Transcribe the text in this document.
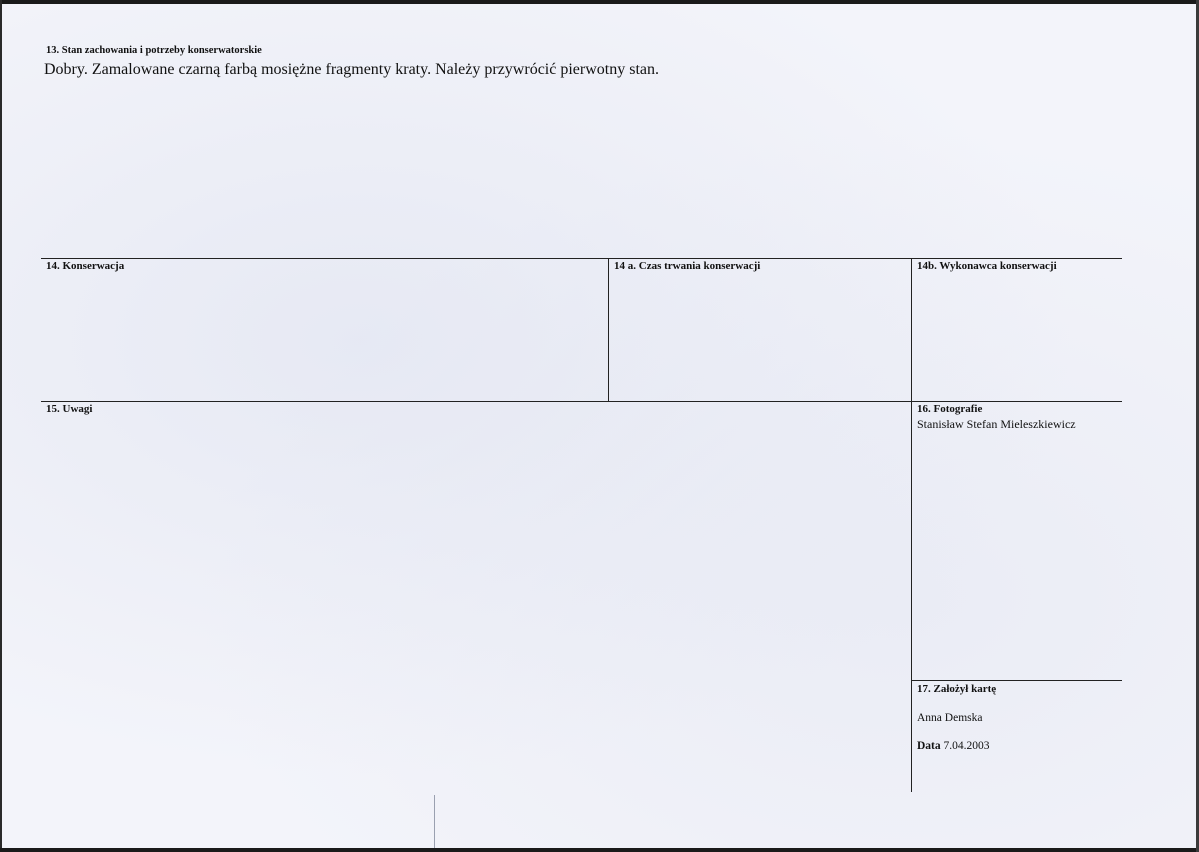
13. Stan zachowania i potrzeby konserwatorskie
Dobry. Zamalowane czarną farbą mosiężne fragmenty kraty. Należy przywrócić pierwotny stan.
14. Konserwacja	14 a. Czas trwania konserwacji	14b. Wykonawca konserwacji
15. Uwagi	16. Fotografie
Stanisław Stefan Mieleszkiewicz
17. Założył kartę
Anna Demska
Data 7.04.2003
